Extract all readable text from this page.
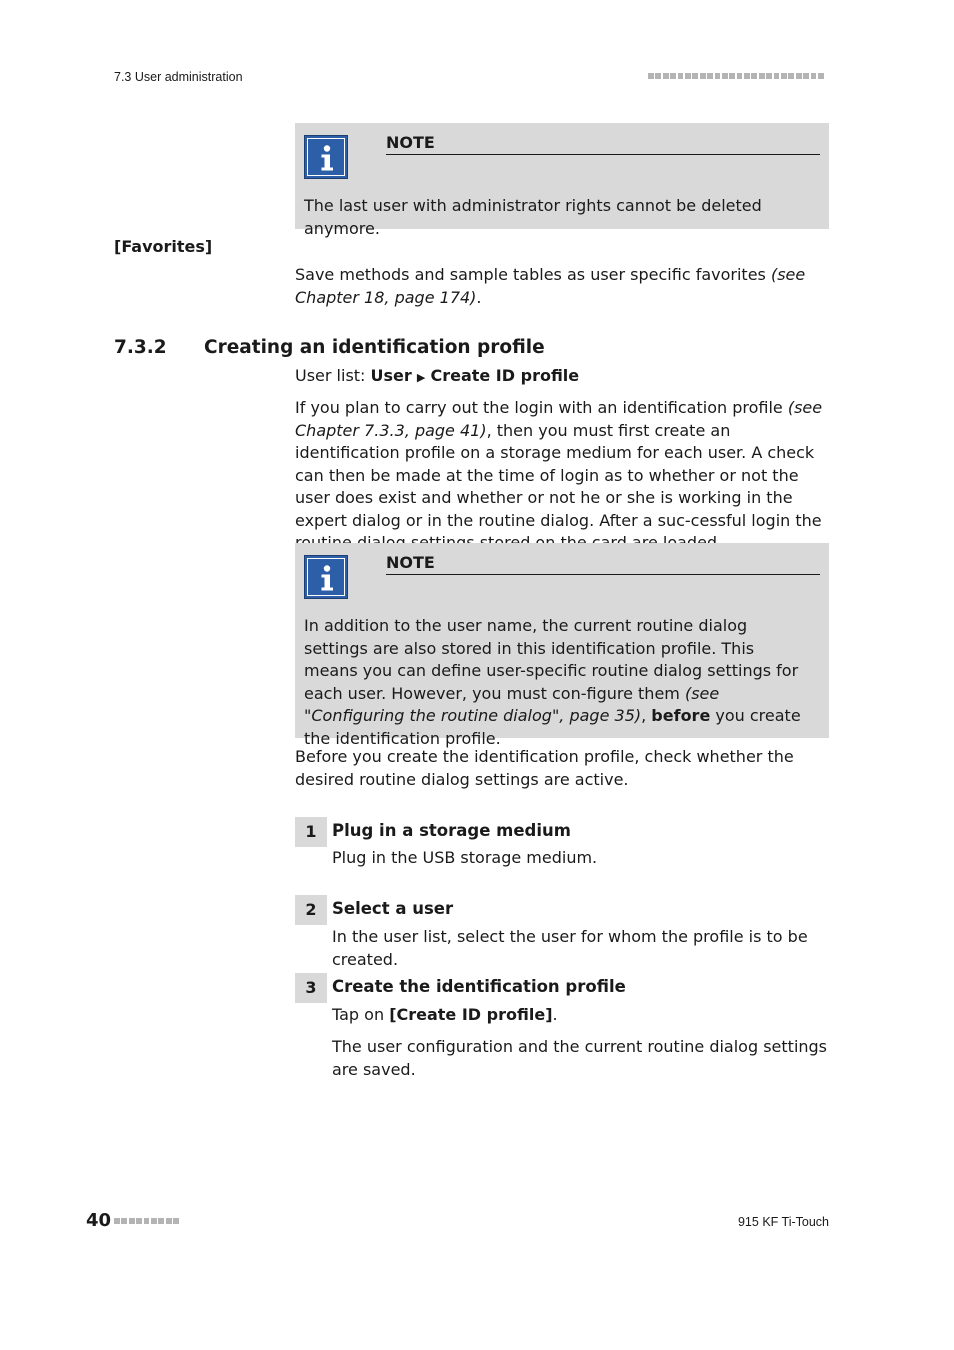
7.3 User administration
NOTE
The last user with administrator rights cannot be deleted anymore.
[Favorites]
Save methods and sample tables as user specific favorites (see Chapter 18, page 174).
7.3.2 Creating an identification profile
User list: User ▶ Create ID profile
If you plan to carry out the login with an identification profile (see Chapter 7.3.3, page 41), then you must first create an identification profile on a storage medium for each user. A check can then be made at the time of login as to whether or not the user does exist and whether or not he or she is working in the expert dialog or in the routine dialog. After a suc-cessful login the
NOTE
In addition to the user name, the current routine dialog settings are also stored in this identification profile. This means you can define user-specific routine dialog settings for each user. However, you must con-figure them (see "Configuring the routine dialog", page 35), before you create the identification profile.
Before you create the identification profile, check whether the desired routine dialog settings are active.
1 Plug in a storage medium
Plug in the USB storage medium.
2 Select a user
In the user list, select the user for whom the profile is to be created.
3 Create the identification profile
Tap on [Create ID profile].
The user configuration and the current routine dialog settings are saved.
40	915 KF Ti-Touch
